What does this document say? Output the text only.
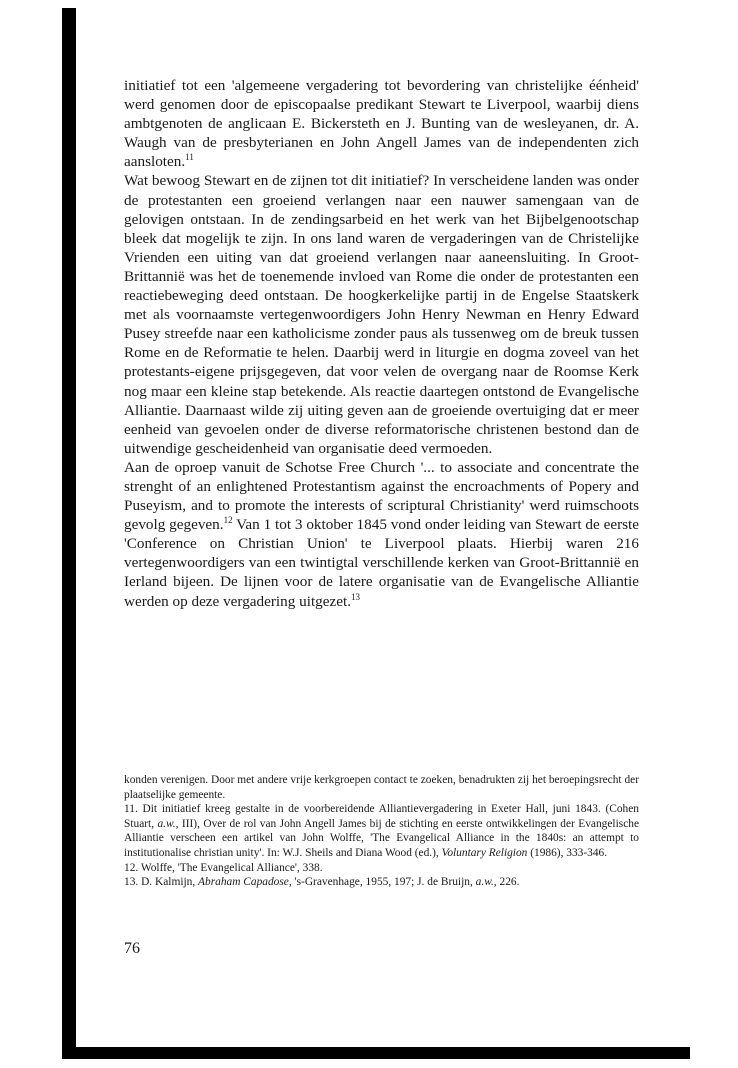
initiatief tot een 'algemeene vergadering tot bevordering van christelijke éénheid' werd genomen door de episcopaalse predikant Stewart te Liverpool, waarbij diens ambtgenoten de anglicaan E. Bickersteth en J. Bunting van de wesleyanen, dr. A. Waugh van de presbyterianen en John Angell James van de independenten zich aansloten.$^{11}$

Wat bewoog Stewart en de zijnen tot dit initiatief? In verscheidene landen was onder de protestanten een groeiend verlangen naar een nauwer samengaan van de gelovigen ontstaan. In de zendingsarbeid en het werk van het Bijbelgenootschap bleek dat mogelijk te zijn. In ons land waren de vergaderingen van de Christelijke Vrienden een uiting van dat groeiend verlangen naar aaneensluiting. In Groot-Brittannië was het de toenemende invloed van Rome die onder de protestanten een reactiebeweging deed ontstaan. De hoogkerkelijke partij in de Engelse Staatskerk met als voornaamste vertegenwoordigers John Henry Newman en Henry Edward Pusey streefde naar een katholicisme zonder paus als tussenweg om de breuk tussen Rome en de Reformatie te helen. Daarbij werd in liturgie en dogma zoveel van het protestants-eigene prijsgegeven, dat voor velen de overgang naar de Roomse Kerk nog maar een kleine stap betekende. Als reactie daartegen ontstond de Evangelische Alliantie. Daarnaast wilde zij uiting geven aan de groeiende overtuiging dat er meer eenheid van gevoelen onder de diverse reformatorische christenen bestond dan de uitwendige gescheidenheid van organisatie deed vermoeden.

Aan de oproep vanuit de Schotse Free Church '... to associate and concentrate the strenght of an enlightened Protestantism against the encroachments of Popery and Puseyism, and to promote the interests of scriptural Christianity' werd ruimschoots gevolg gegeven.$^{12}$ Van 1 tot 3 oktober 1845 vond onder leiding van Stewart de eerste 'Conference on Christian Union' te Liverpool plaats. Hierbij waren 216 vertegenwoordigers van een twintigtal verschillende kerken van Groot-Brittannië en Ierland bijeen. De lijnen voor de latere organisatie van de Evangelische Alliantie werden op deze vergadering uitgezet.$^{13}$

konden verenigen. Door met andere vrije kerkgroepen contact te zoeken, benadrukten zij het beroepingsrecht der plaatselijke gemeente.

11. Dit initiatief kreeg gestalte in de voorbereidende Alliantievergadering in Exeter Hall, juni 1843. (Cohen Stuart, a.w., III), Over de rol van John Angell James bij de stichting en eerste ontwikkelingen der Evangelische Alliantie verscheen een artikel van John Wolffe, 'The Evangelical Alliance in the 1840s: an attempt to institutionalise christian unity'. In: W.J. Sheils and Diana Wood (ed.), Voluntary Religion (1986), 333-346.

12. Wolffe, 'The Evangelical Alliance', 338.

13. D. Kalmijn, Abraham Capadose, 's-Gravenhage, 1955, 197; J. de Bruijn, a.w., 226.

76
